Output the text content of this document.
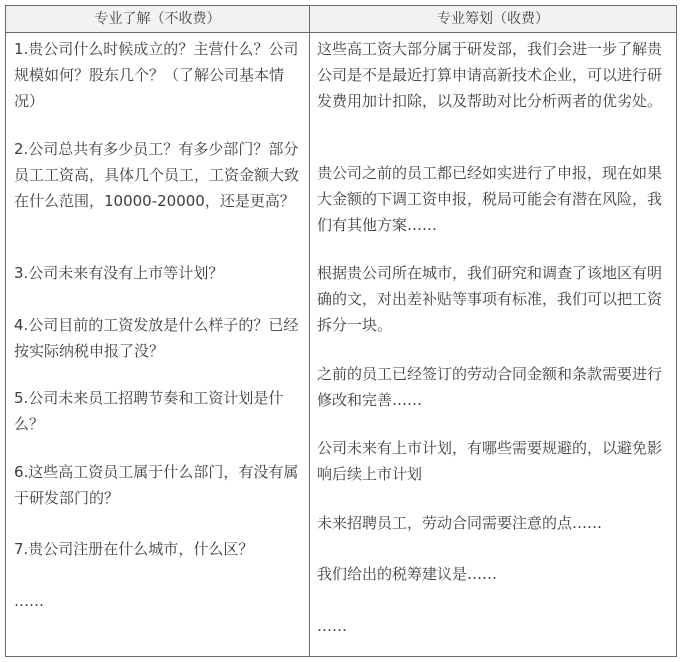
专业了解（不收费）	专业筹划（收费）

1.贵公司什么时候成立的？主营什么？公司规模如何？股东几个？（了解公司基本情况）

2.公司总共有多少员工？有多少部门？部分员工工资高，具体几个员工，工资金额大致在什么范围，10000-20000，还是更高？

3.公司未来有没有上市等计划？

4.公司目前的工资发放是什么样子的？已经按实际纳税申报了没？

5.公司未来员工招聘节奏和工资计划是什么？

6.这些高工资员工属于什么部门，有没有属于研发部门的？

7.贵公司注册在什么城市，什么区？

……

这些高工资大部分属于研发部，我们会进一步了解贵公司是不是最近打算申请高新技术企业，可以进行研发费用加计扣除，以及帮助对比分析两者的优劣处。

贵公司之前的员工都已经如实进行了申报，现在如果大金额的下调工资申报，税局可能会有潜在风险，我们有其他方案……

根据贵公司所在城市，我们研究和调查了该地区有明确的文，对出差补贴等事项有标准，我们可以把工资拆分一块。

之前的员工已经签订的劳动合同金额和条款需要进行修改和完善……

公司未来有上市计划，有哪些需要规避的，以避免影响后续上市计划

未来招聘员工，劳动合同需要注意的点……

我们给出的税筹建议是……

……
